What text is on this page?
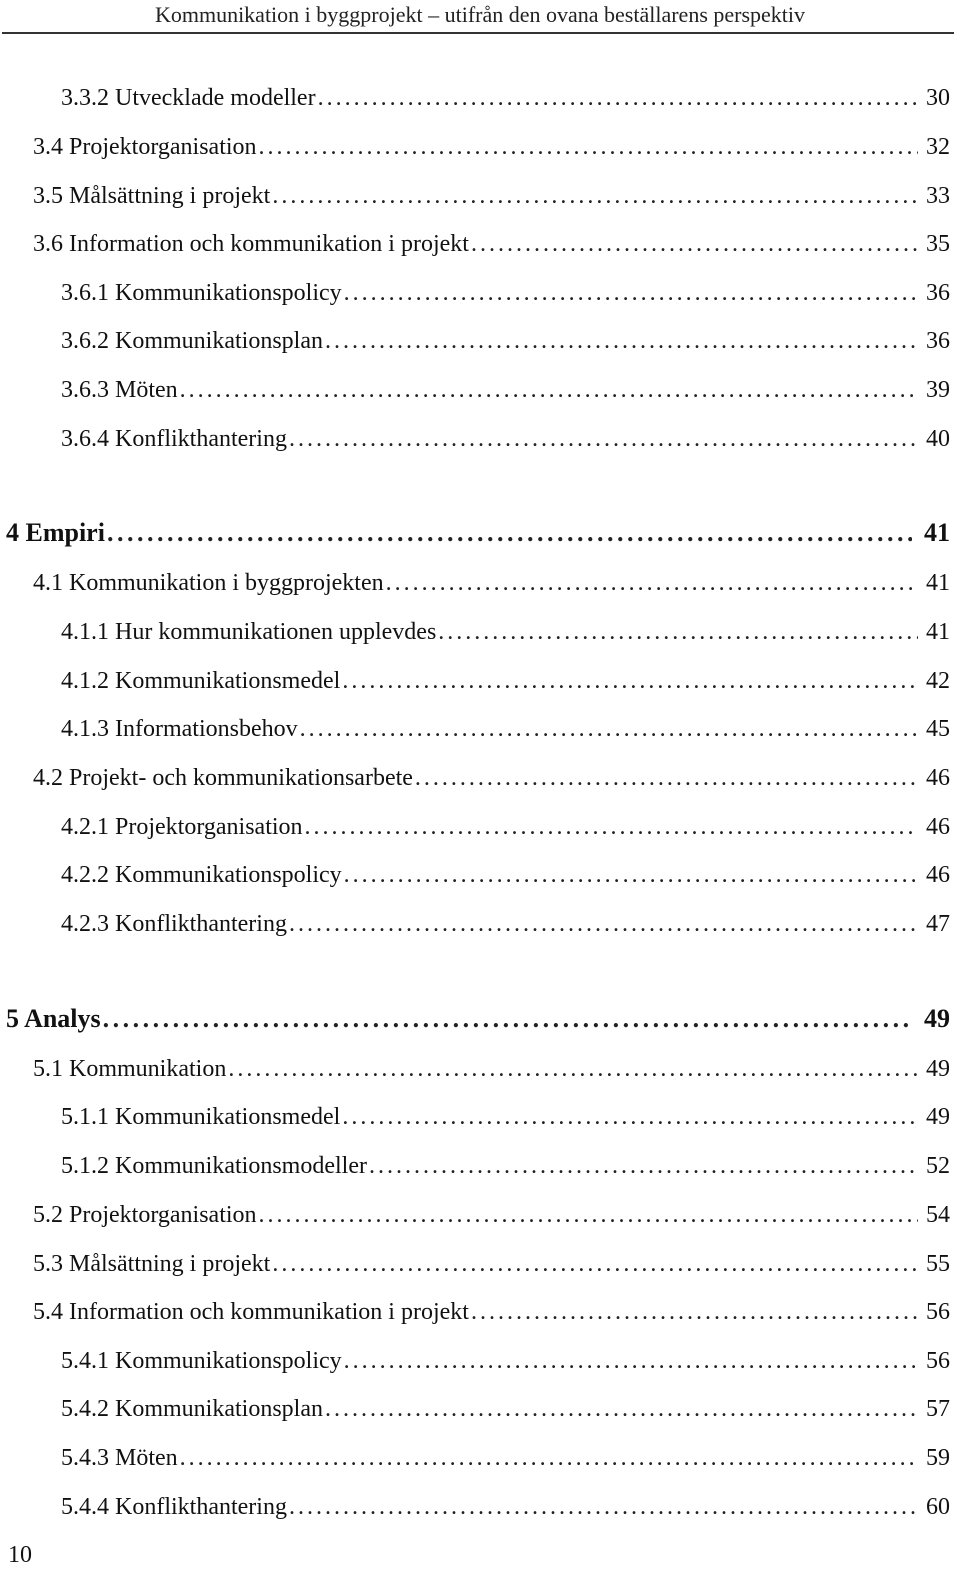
Kommunikation i byggprojekt – utifrån den ovana beställarens perspektiv
3.3.2 Utvecklade modeller . . .	30
3.4 Projektorganisation . . .	32
3.5 Målsättning i projekt . . .	33
3.6 Information och kommunikation i projekt . . .	35
3.6.1 Kommunikationspolicy . . .	36
3.6.2 Kommunikationsplan . . .	36
3.6.3 Möten . . .	39
3.6.4 Konflikthantering . . .	40
4 Empiri . . .	41
4.1 Kommunikation i byggprojekten . . .	41
4.1.1 Hur kommunikationen upplevdes . . .	41
4.1.2 Kommunikationsmedel . . .	42
4.1.3 Informationsbehov . . .	45
4.2 Projekt- och kommunikationsarbete . . .	46
4.2.1 Projektorganisation . . .	46
4.2.2 Kommunikationspolicy . . .	46
4.2.3 Konflikthantering . . .	47
5 Analys . . .	49
5.1 Kommunikation . . .	49
5.1.1 Kommunikationsmedel . . .	49
5.1.2 Kommunikationsmodeller . . .	52
5.2 Projektorganisation . . .	54
5.3 Målsättning i projekt . . .	55
5.4 Information och kommunikation i projekt . . .	56
5.4.1 Kommunikationspolicy . . .	56
5.4.2 Kommunikationsplan . . .	57
5.4.3 Möten . . .	59
5.4.4 Konflikthantering . . .	60
10
